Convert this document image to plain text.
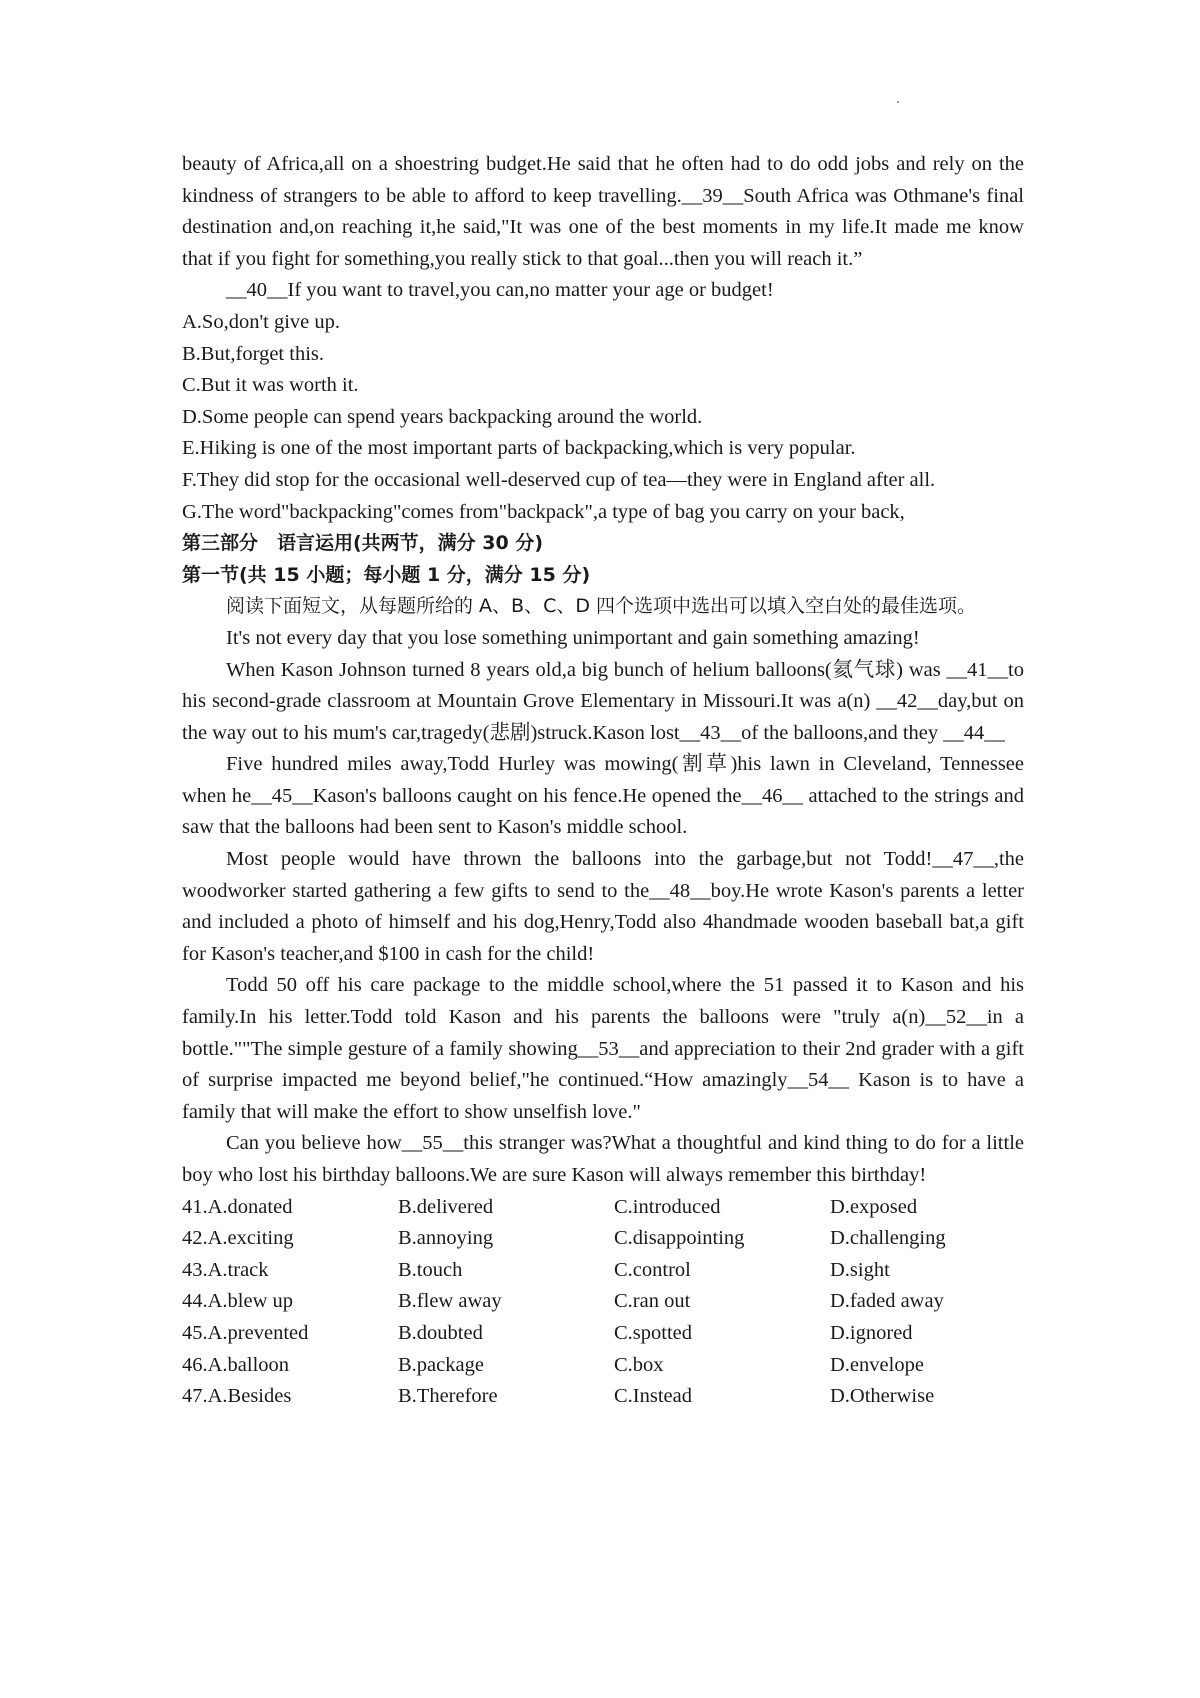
beauty of Africa,all on a shoestring budget.He said that he often had to do odd jobs and rely on the kindness of strangers to be able to afford to keep travelling.__39__South Africa was Othmane's final destination and,on reaching it,he said,"It was one of the best moments in my life.It made me know that if you fight for something,you really stick to that goal...then you will reach it.”

__40__If you want to travel,you can,no matter your age or budget!

A.So,don't give up.

B.But,forget this.

C.But it was worth it.

D.Some people can spend years backpacking around the world.

E.Hiking is one of the most important parts of backpacking,which is very popular.

F.They did stop for the occasional well-deserved cup of tea—they were in England after all.

G.The word"backpacking"comes from"backpack",a type of bag you carry on your back,

第三部分　语言运用(共两节，满分 30 分)

第一节(共 15 小题；每小题 1 分，满分 15 分)

阅读下面短文，从每题所给的 A、B、C、D 四个选项中选出可以填入空白处的最佳选项。

It's not every day that you lose something unimportant and gain something amazing!

When Kason Johnson turned 8 years old,a big bunch of helium balloons(氦气球) was __41__to his second-grade classroom at Mountain Grove Elementary in Missouri.It was a(n) __42__day,but on the way out to his mum's car,tragedy(悲剧)struck.Kason lost__43__of the balloons,and they __44__

Five hundred miles away,Todd Hurley was mowing(割草)his lawn in Cleveland, Tennessee when he__45__Kason's balloons caught on his fence.He opened the__46__ attached to the strings and saw that the balloons had been sent to Kason's middle school.

Most people would have thrown the balloons into the garbage,but not Todd!__47__,the woodworker started gathering a few gifts to send to the__48__boy.He wrote Kason's parents a letter and included a photo of himself and his dog,Henry,Todd also 4handmade wooden baseball bat,a gift for Kason's teacher,and $100 in cash for the child!

Todd 50 off his care package to the middle school,where the 51 passed it to Kason and his family.In his letter.Todd told Kason and his parents the balloons were "truly a(n)__52__in a bottle.""The simple gesture of a family showing__53__and appreciation to their 2nd grader with a gift of surprise impacted me beyond belief,"he continued.“How amazingly__54__ Kason is to have a family that will make the effort to show unselfish love."

Can you believe how__55__this stranger was?What a thoughtful and kind thing to do for a little boy who lost his birthday balloons.We are sure Kason will always remember this birthday!

41.A.donated	B.delivered	C.introduced	D.exposed
42.A.exciting	B.annoying	C.disappointing	D.challenging
43.A.track	B.touch	C.control	D.sight
44.A.blew up	B.flew away	C.ran out	D.faded away
45.A.prevented	B.doubted	C.spotted	D.ignored
46.A.balloon	B.package	C.box	D.envelope
47.A.Besides	B.Therefore	C.Instead	D.Otherwise
